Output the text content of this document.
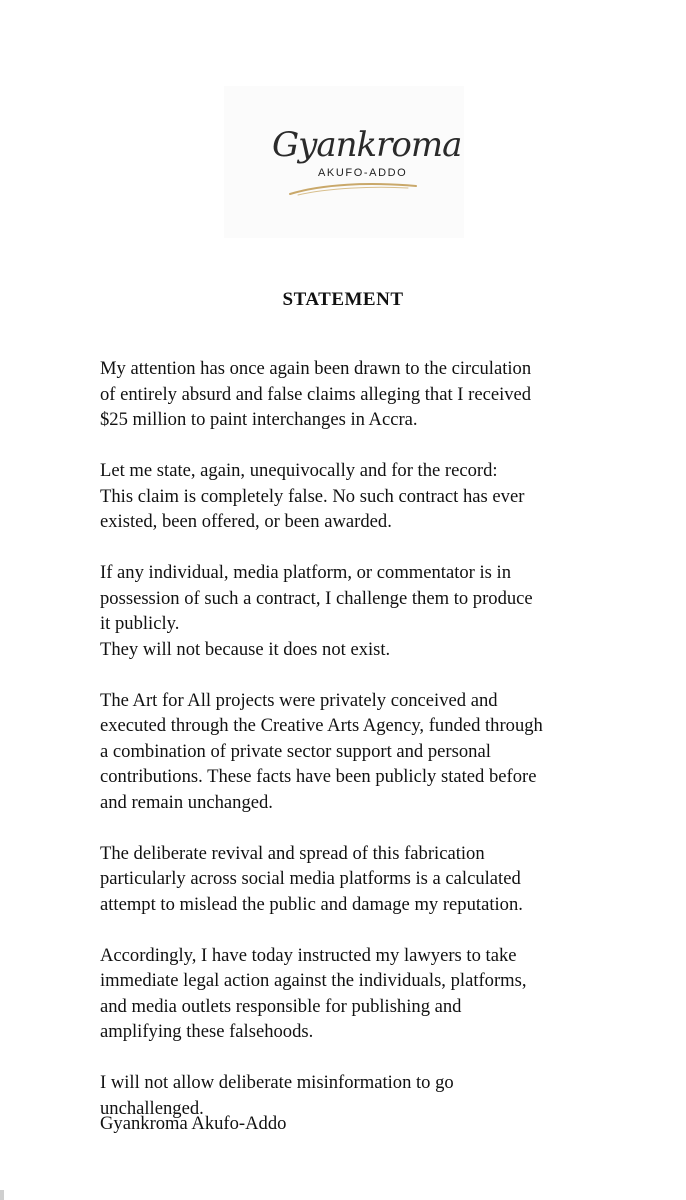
Gyankroma
AKUFO-ADDO
STATEMENT
My attention has once again been drawn to the circulation
of entirely absurd and false claims alleging that I received
$25 million to paint interchanges in Accra.
Let me state, again, unequivocally and for the record:
This claim is completely false. No such contract has ever
existed, been offered, or been awarded.
If any individual, media platform, or commentator is in
possession of such a contract, I challenge them to produce
it publicly.
They will not because it does not exist.
The Art for All projects were privately conceived and
executed through the Creative Arts Agency, funded through
a combination of private sector support and personal
contributions. These facts have been publicly stated before
and remain unchanged.
The deliberate revival and spread of this fabrication
particularly across social media platforms is a calculated
attempt to mislead the public and damage my reputation.
Accordingly, I have today instructed my lawyers to take
immediate legal action against the individuals, platforms,
and media outlets responsible for publishing and
amplifying these falsehoods.
I will not allow deliberate misinformation to go
unchallenged.
Gyankroma Akufo-Addo
